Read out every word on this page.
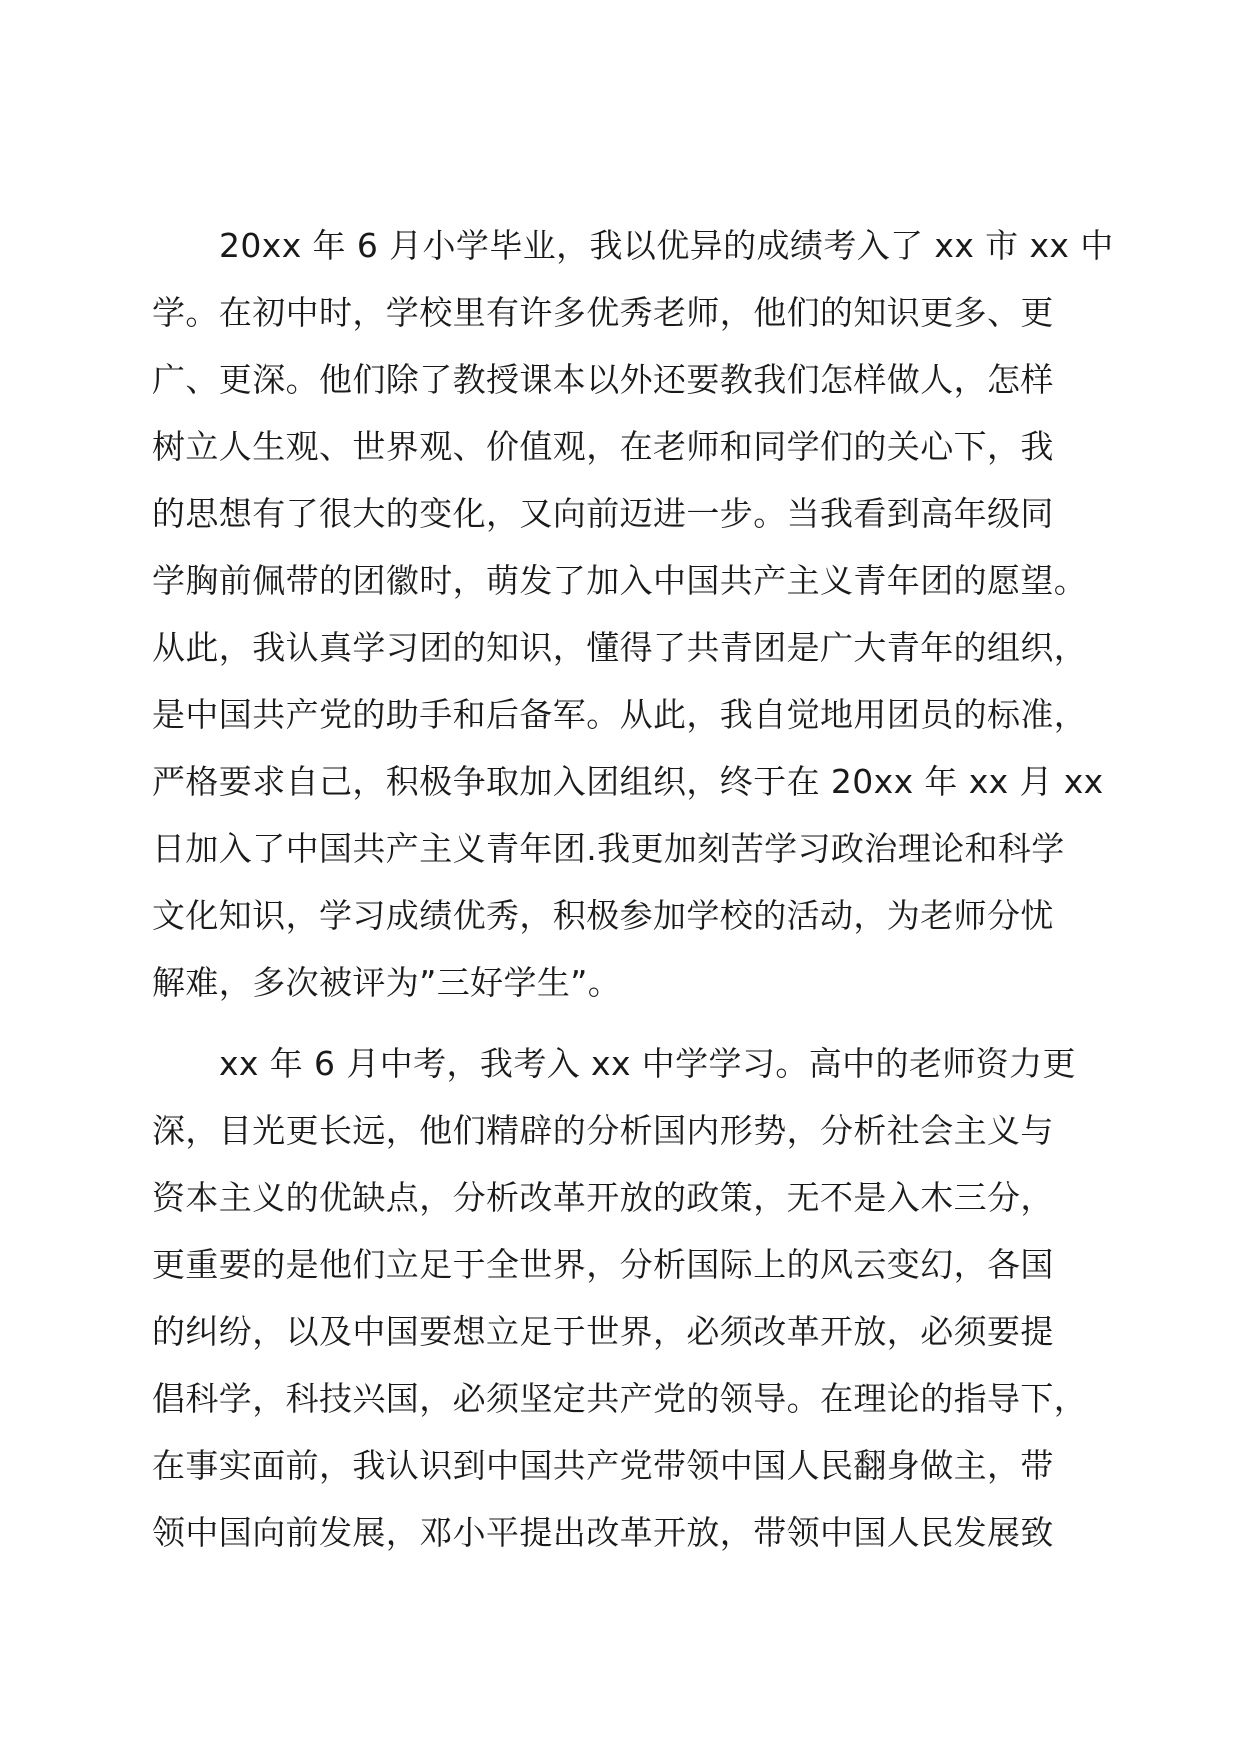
20xx 年 6 月小学毕业，我以优异的成绩考入了 xx 市 xx 中
学。在初中时，学校里有许多优秀老师，他们的知识更多、更
广、更深。他们除了教授课本以外还要教我们怎样做人，怎样
树立人生观、世界观、价值观，在老师和同学们的关心下，我
的思想有了很大的变化，又向前迈进一步。当我看到高年级同
学胸前佩带的团徽时，萌发了加入中国共产主义青年团的愿望。
从此，我认真学习团的知识，懂得了共青团是广大青年的组织，
是中国共产党的助手和后备军。从此，我自觉地用团员的标准，
严格要求自己，积极争取加入团组织，终于在 20xx 年 xx 月 xx
日加入了中国共产主义青年团.我更加刻苦学习政治理论和科学
文化知识，学习成绩优秀，积极参加学校的活动，为老师分忧
解难，多次被评为”三好学生”。
xx 年 6 月中考，我考入 xx 中学学习。高中的老师资力更
深，目光更长远，他们精辟的分析国内形势，分析社会主义与
资本主义的优缺点，分析改革开放的政策，无不是入木三分，
更重要的是他们立足于全世界，分析国际上的风云变幻，各国
的纠纷，以及中国要想立足于世界，必须改革开放，必须要提
倡科学，科技兴国，必须坚定共产党的领导。在理论的指导下，
在事实面前，我认识到中国共产党带领中国人民翻身做主，带
领中国向前发展，邓小平提出改革开放，带领中国人民发展致
